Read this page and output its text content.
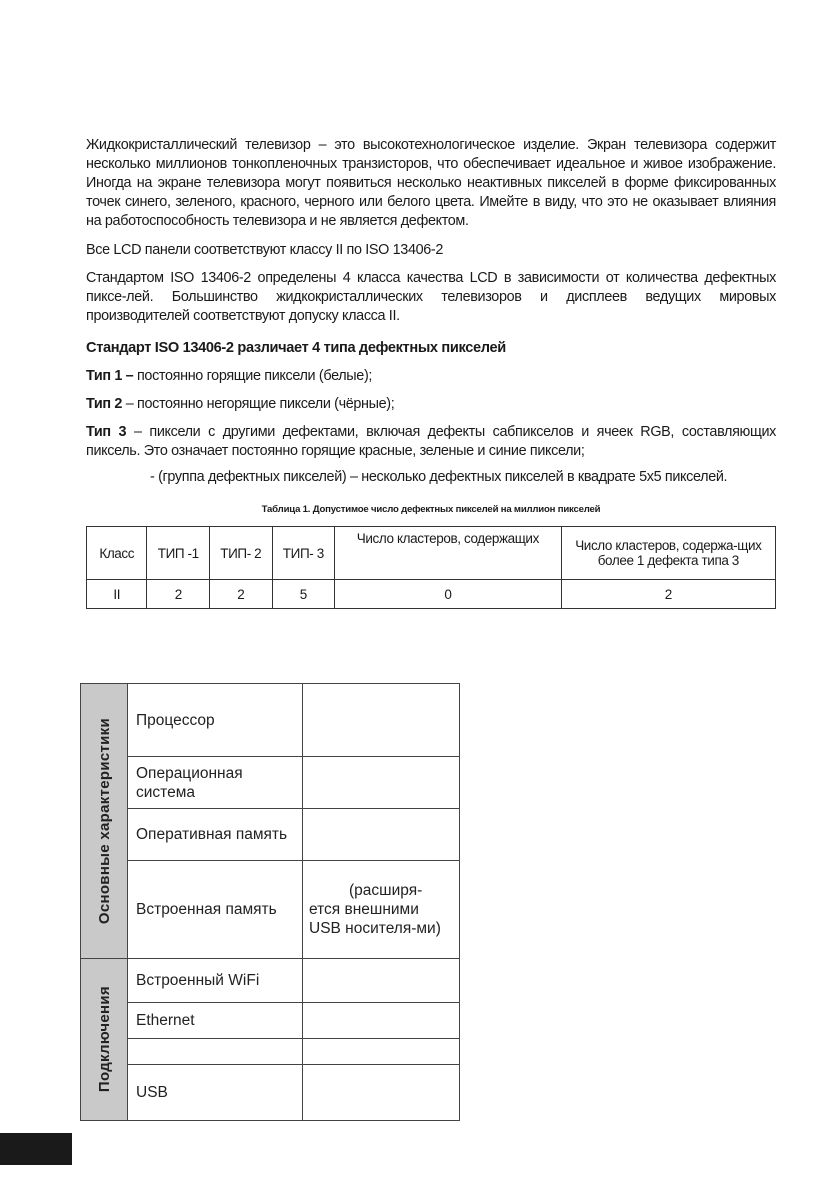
Жидкокристаллический телевизор – это высокотехнологическое изделие. Экран телевизора содержит несколько миллионов тонкопленочных транзисторов, что обеспечивает идеальное и живое изображение. Иногда на экране телевизора могут появиться несколько неактивных пикселей в форме фиксированных точек синего, зеленого, красного, черного или белого цвета. Имейте в виду, что это не оказывает влияния на работоспособность телевизора и не является дефектом.

Все LCD панели соответствуют классу II по ISO 13406-2

Стандартом ISO 13406-2 определены 4 класса качества LCD в зависимости от количества дефектных пиксе-лей. Большинство жидкокристаллических телевизоров и дисплеев ведущих мировых производителей соответствуют допуску класса II.

Стандарт ISO 13406-2 различает 4 типа дефектных пикселей

Тип 1 – постоянно горящие пиксели (белые);

Тип 2 – постоянно негорящие пиксели (чёрные);

Тип 3 – пиксели с другими дефектами, включая дефекты сабпикселов и ячеек RGB, составляющих пиксель. Это означает постоянно горящие красные, зеленые и синие пиксели;

- (группа дефектных пикселей) – несколько дефектных пикселей в квадрате 5x5 пикселей.

Таблица 1. Допустимое число дефектных пикселей на миллион пикселей
Класс	ТИП -1	ТИП- 2	ТИП- 3	Число кластеров, содержащих	Число кластеров, содержа-щих более 1 дефекта типа 3
II	2	2	5	0	2
Основные характеристики	Процессор	
	Операционная система	
	Оперативная память	
	Встроенная память	(расширя-ется внешними USB носителя-ми)

Подключения	Встроенный WiFi	
	Ethernet	

	USB	
